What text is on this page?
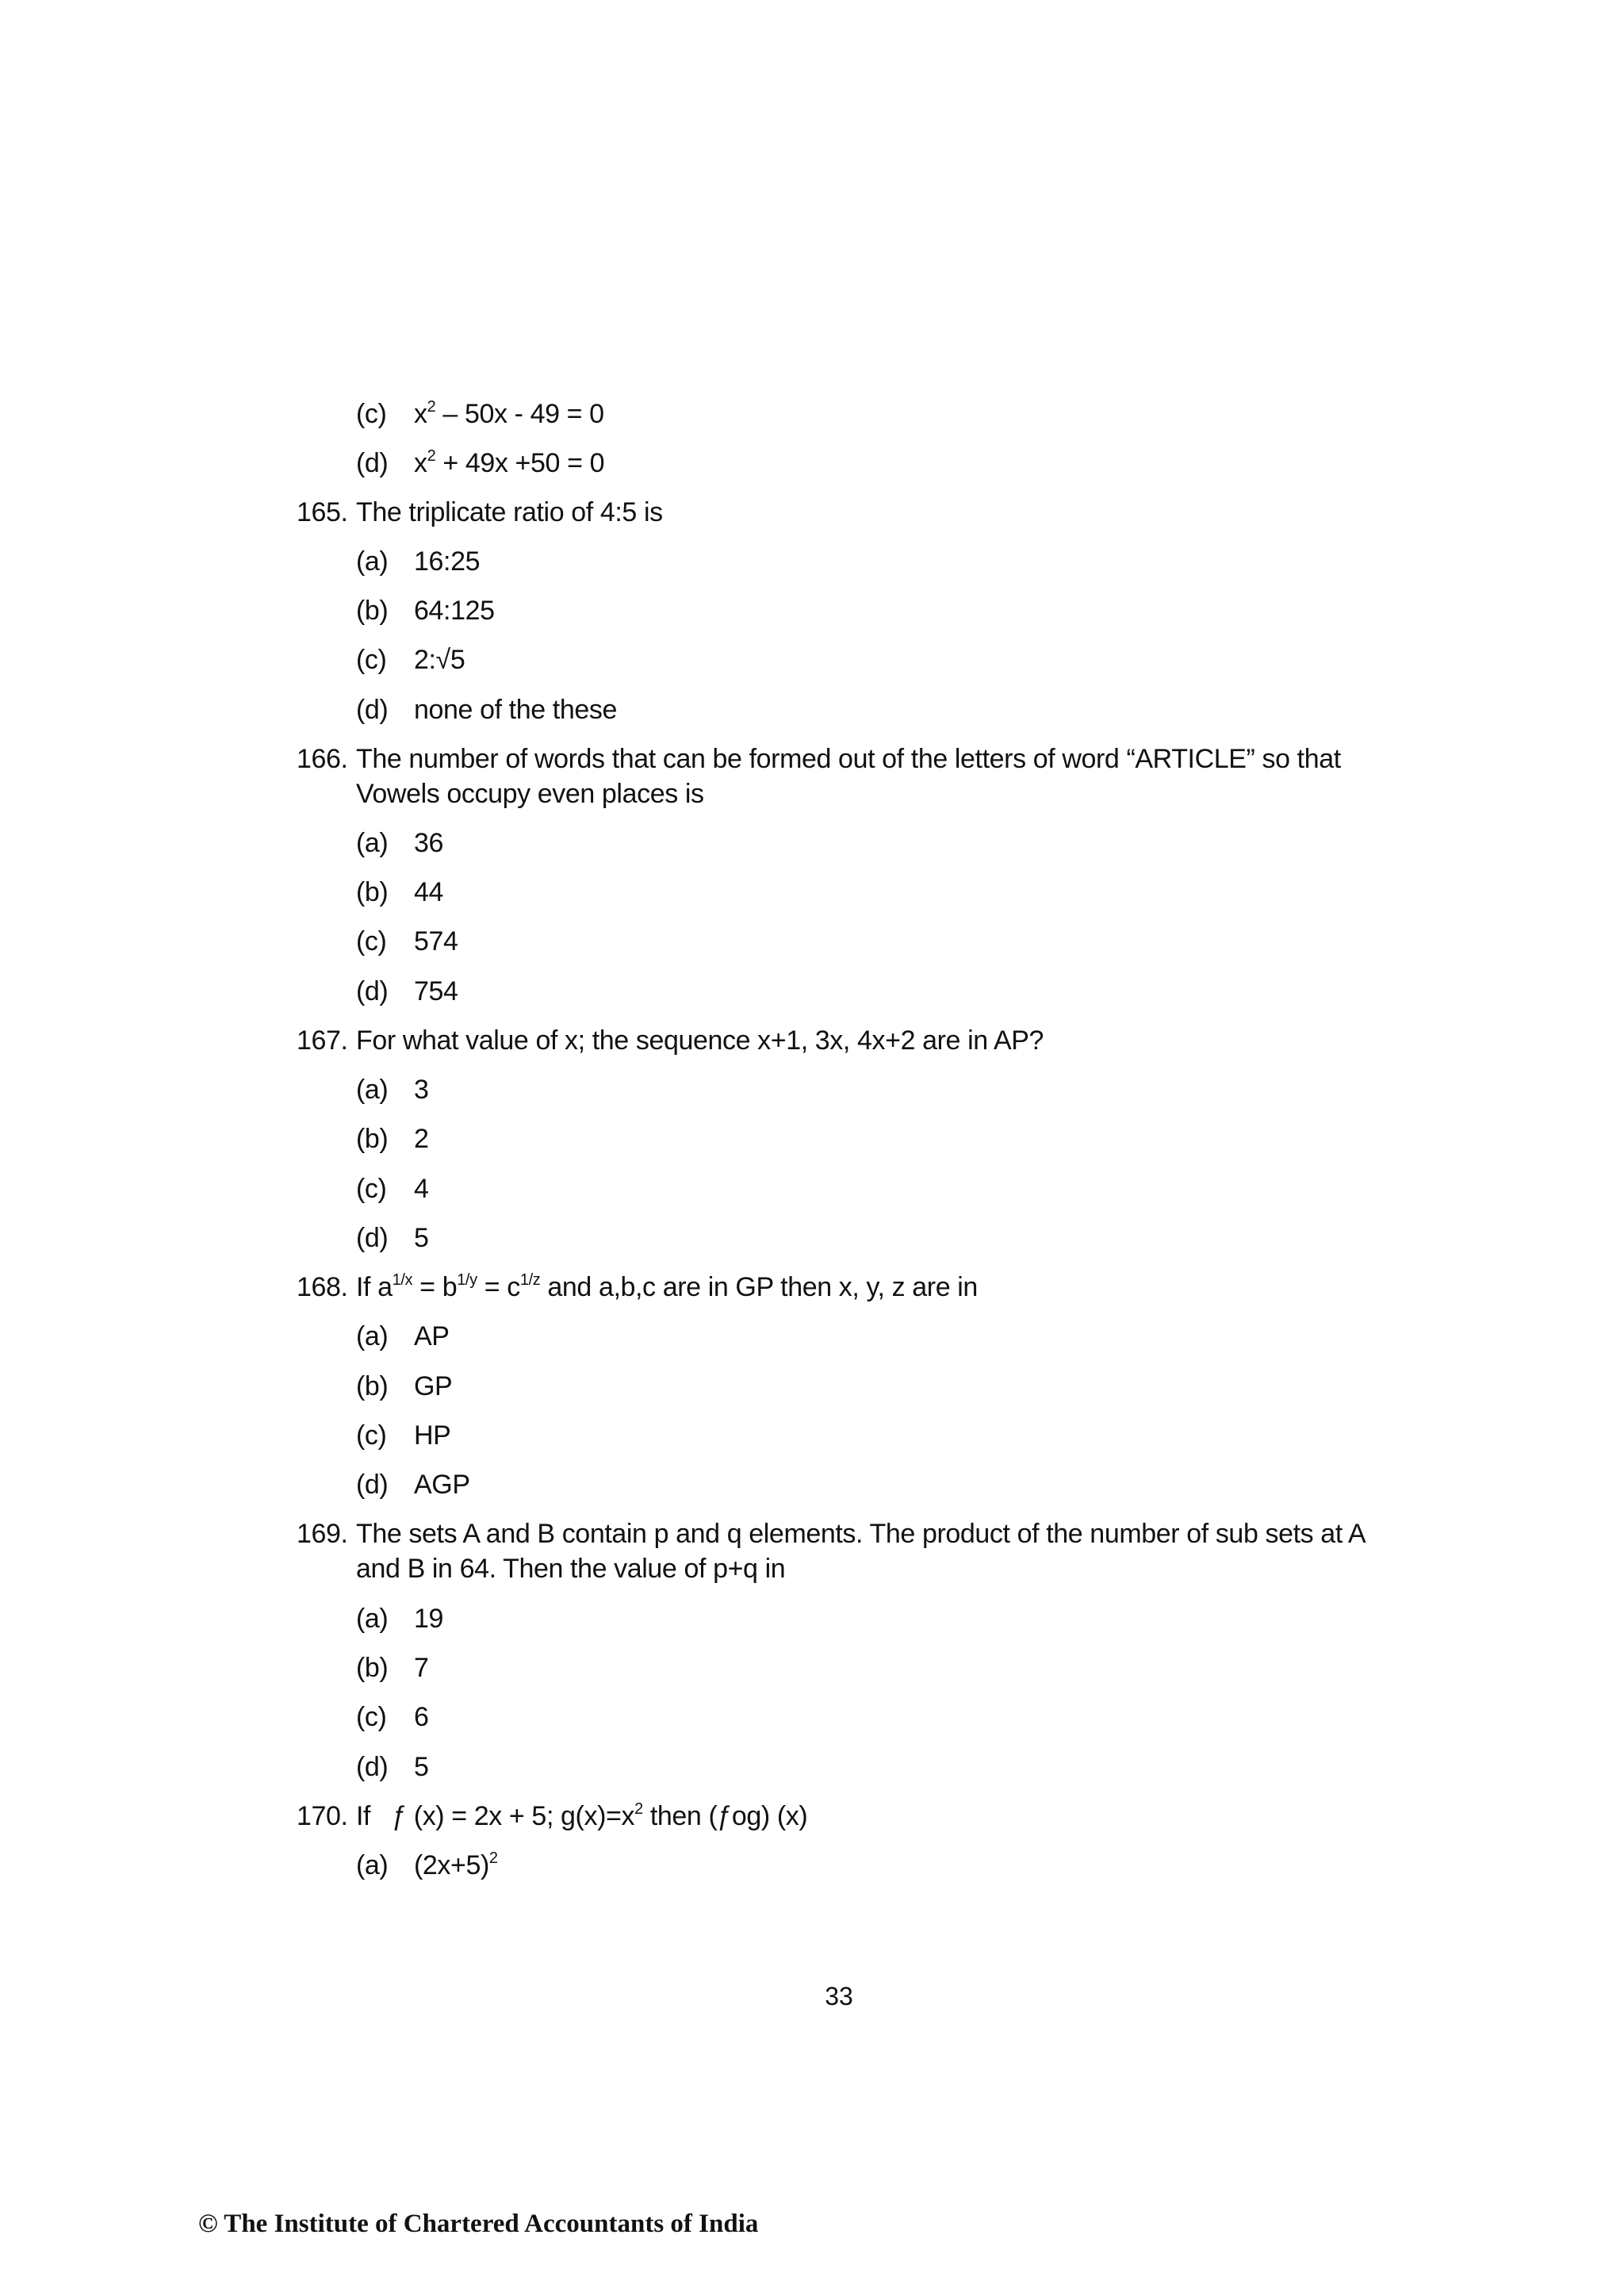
(c) $x^2 - 50x - 49 = 0$
(d) $x^2 + 49x +50 = 0$
165. The triplicate ratio of 4:5 is
(a) 16:25
(b) 64:125
(c) 2:√5
(d) none of the these
166. The number of words that can be formed out of the letters of word “ARTICLE” so that Vowels occupy even places is
(a) 36
(b) 44
(c) 574
(d) 754
167. For what value of x; the sequence x+1, 3x, 4x+2 are in AP?
(a) 3
(b) 2
(c) 4
(d) 5
168. If $a^{1/x} = b^{1/y} = c^{1/z}$ and a,b,c are in GP then x, y, z are in
(a) AP
(b) GP
(c) HP
(d) AGP
169. The sets A and B contain p and q elements. The product of the number of sub sets at A and B in 64. Then the value of p+q in
(a) 19
(b) 7
(c) 6
(d) 5
170. If   ƒ (x) = 2x + 5; $g(x)=x^2$ then (ƒog) (x)
(a) $(2x+5)^2$
33
© The Institute of Chartered Accountants of India
